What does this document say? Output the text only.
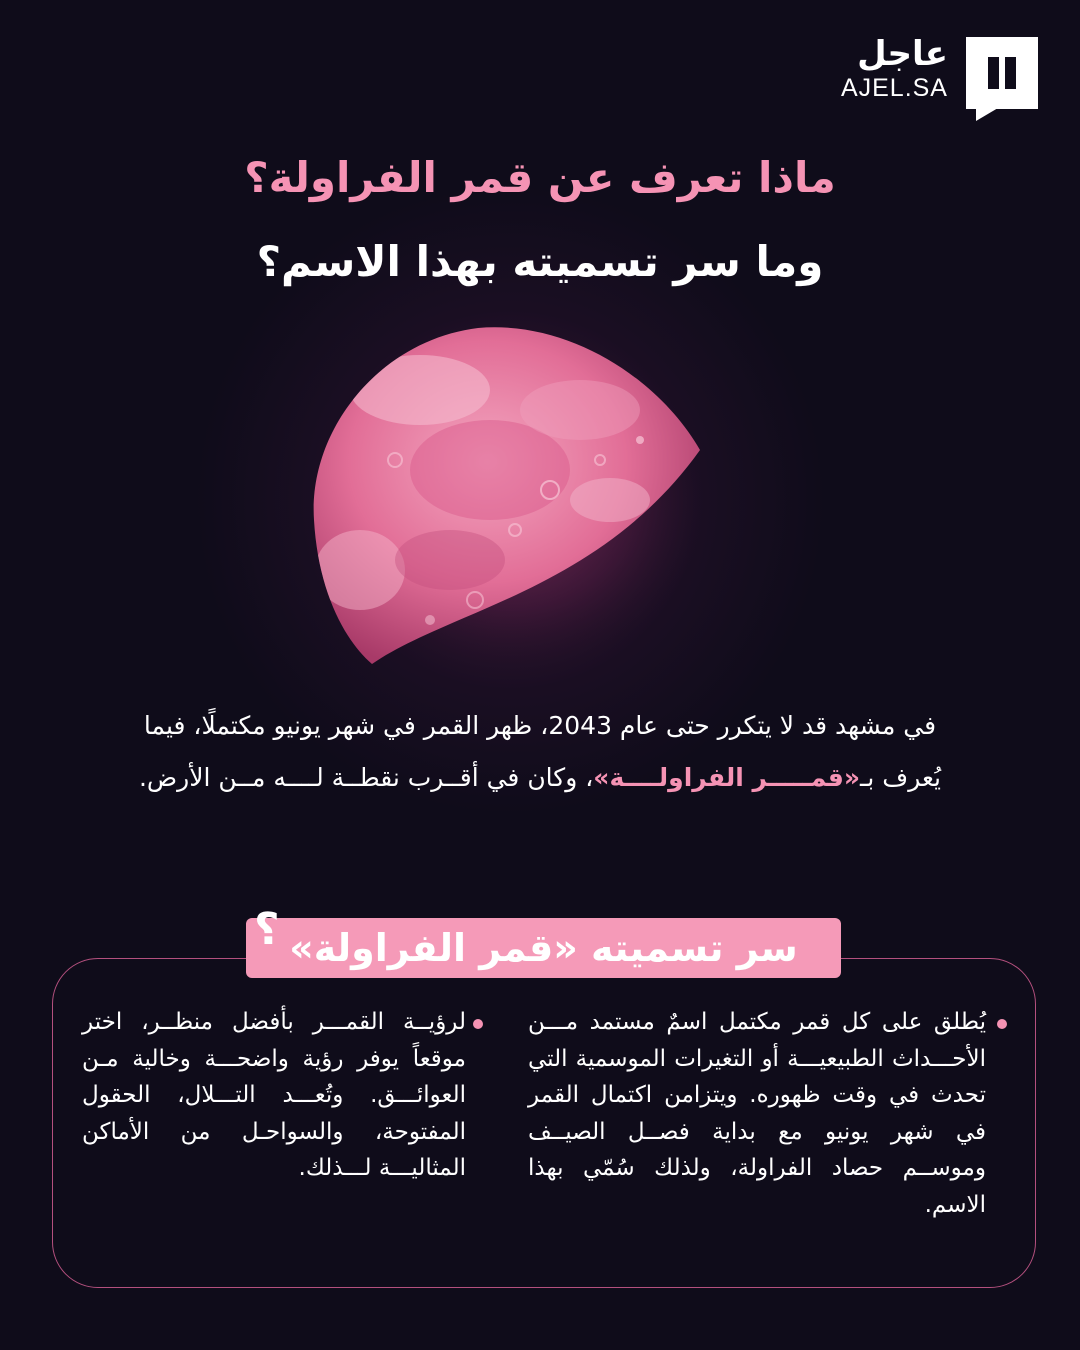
عاجل
AJEL.SA
ماذا تعرف عن قمر الفراولة؟
وما سر تسميته بهذا الاسم؟
في مشهد قد لا يتكرر حتى عام 2043، ظهر القمر في شهر يونيو مكتملًا، فيما يُعرف بـ«قمـــــر الفراولــــة»، وكان في أقــرب نقطــة لــــه مــن الأرض.
سر تسميته «قمر الفراولة»
؟
يُطلق على كل قمر مكتمل اسمٌ مستمد مـــن الأحـــداث الطبيعيـــة أو التغيرات الموسمية التي تحدث في وقت ظهوره. ويتزامن اكتمال القمر في شهر يونيو مع بداية فصــل الصيــف وموســم حصاد الفراولة، ولذلك سُمّي بهذا الاسم.
لرؤيــة القمـــر بأفضل منظــر، اختر موقعاً يوفر رؤية واضحـــة وخالية مـن العوائـــق. وتُعـــد التـــلال، الحقول المفتوحة، والسواحـل من الأماكن المثاليـــة لـــذلك.
